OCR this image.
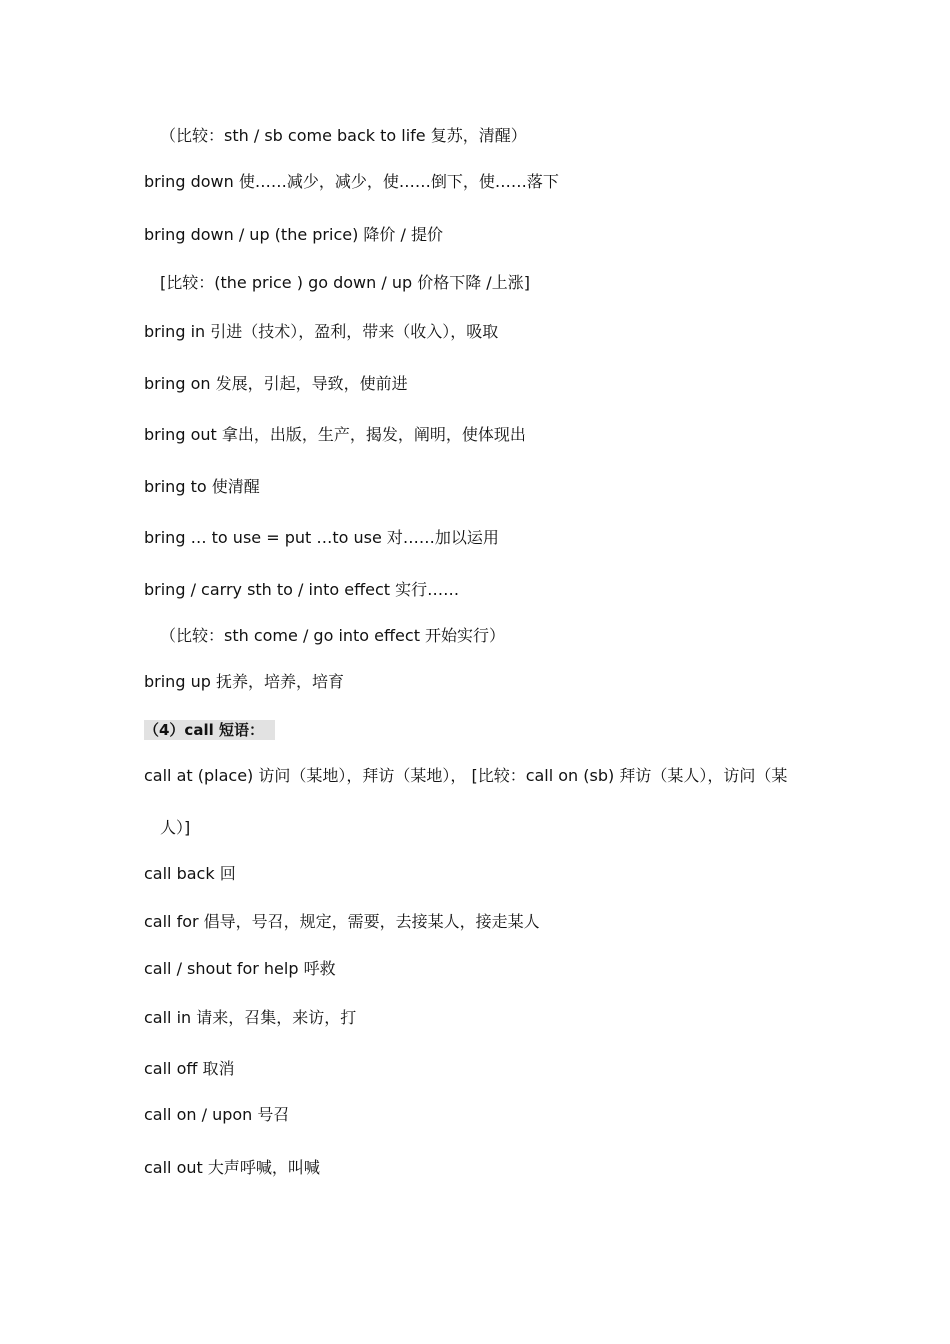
（比较：sth / sb come back to life 复苏，清醒）
bring down 使……减少，减少，使……倒下，使……落下
bring down / up (the price) 降价 / 提价
[比较：(the price ) go down / up 价格下降 /上涨]
bring in 引进（技术），盈利，带来（收入），吸取
bring on 发展，引起，导致，使前进
bring out 拿出，出版，生产，揭发，阐明，使体现出
bring to 使清醒
bring … to use = put …to use 对……加以运用
bring / carry sth to / into effect 实行……
（比较：sth come / go into effect 开始实行）
bring up 抚养，培养，培育
（4）call 短语：
call at (place) 访问（某地），拜访（某地）， [比较：call on (sb) 拜访（某人），访问（某
人）]
call back 回
call for 倡导，号召，规定，需要，去接某人，接走某人
call / shout for help 呼救
call in 请来，召集，来访，打
call off 取消
call on / upon 号召
call out 大声呼喊，叫喊
